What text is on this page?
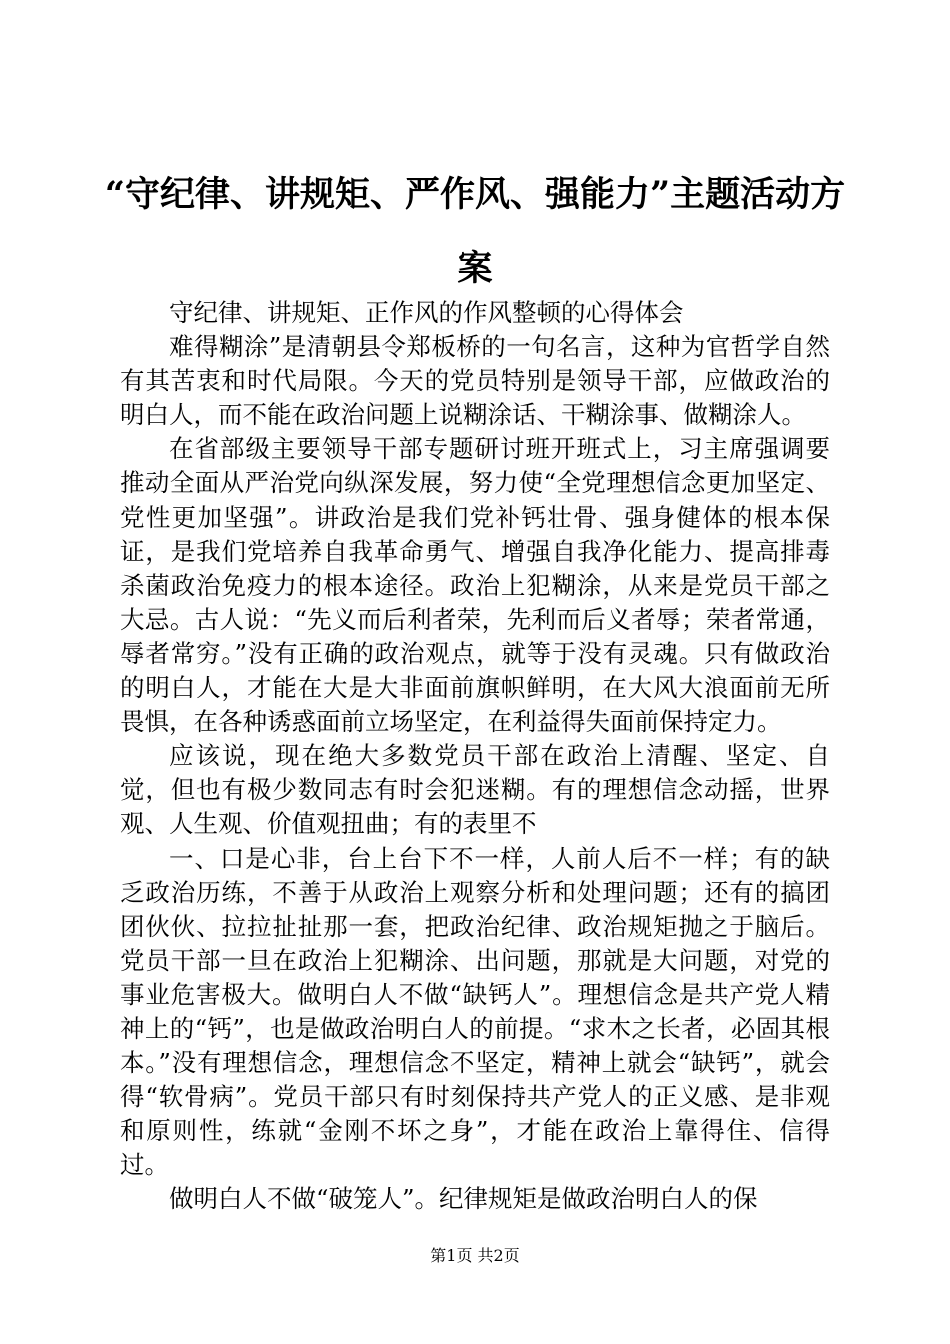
“守纪律、讲规矩、严作风、强能力”主题活动方案

守纪律、讲规矩、正作风的作风整顿的心得体会

难得糊涂”是清朝县令郑板桥的一句名言，这种为官哲学自然有其苦衷和时代局限。今天的党员特别是领导干部，应做政治的明白人，而不能在政治问题上说糊涂话、干糊涂事、做糊涂人。

在省部级主要领导干部专题研讨班开班式上，习主席强调要推动全面从严治党向纵深发展，努力使“全党理想信念更加坚定、党性更加坚强”。讲政治是我们党补钙壮骨、强身健体的根本保证，是我们党培养自我革命勇气、增强自我净化能力、提高排毒杀菌政治免疫力的根本途径。政治上犯糊涂，从来是党员干部之大忌。古人说：“先义而后利者荣，先利而后义者辱；荣者常通，辱者常穷。”没有正确的政治观点，就等于没有灵魂。只有做政治的明白人，才能在大是大非面前旗帜鲜明，在大风大浪面前无所畏惧，在各种诱惑面前立场坚定，在利益得失面前保持定力。

应该说，现在绝大多数党员干部在政治上清醒、坚定、自觉，但也有极少数同志有时会犯迷糊。有的理想信念动摇，世界观、人生观、价值观扭曲；有的表里不

一、口是心非，台上台下不一样，人前人后不一样；有的缺乏政治历练，不善于从政治上观察分析和处理问题；还有的搞团团伙伙、拉拉扯扯那一套，把政治纪律、政治规矩抛之于脑后。党员干部一旦在政治上犯糊涂、出问题，那就是大问题，对党的事业危害极大。做明白人不做“缺钙人”。理想信念是共产党人精神上的“钙”，也是做政治明白人的前提。“求木之长者，必固其根本。”没有理想信念，理想信念不坚定，精神上就会“缺钙”，就会得“软骨病”。党员干部只有时刻保持共产党人的正义感、是非观和原则性，练就“金刚不坏之身”，才能在政治上靠得住、信得过。

做明白人不做“破笼人”。纪律规矩是做政治明白人的保

第1页 共2页
